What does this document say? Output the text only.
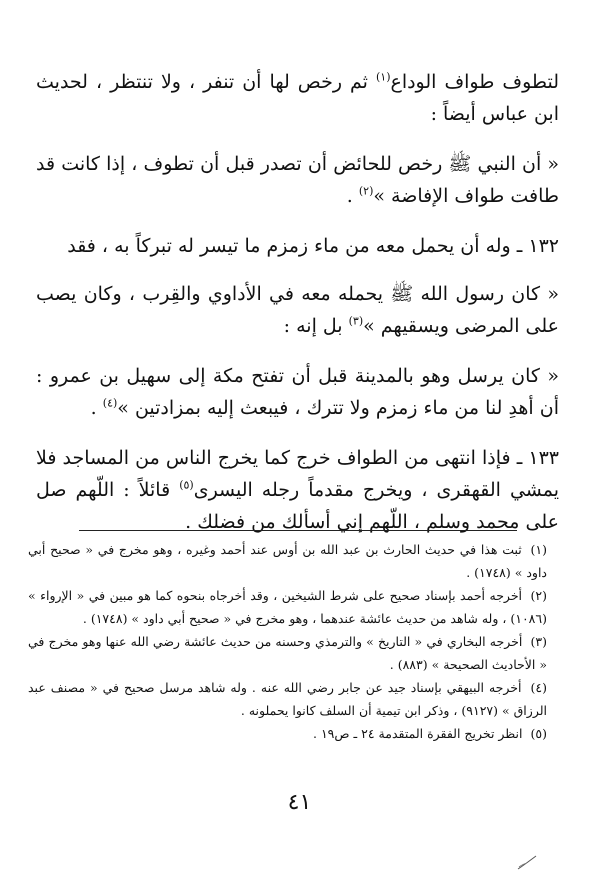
لتطوف طواف الوداع$^{(١)}$ ثم رخص لها أن تنفر ، ولا تنتظر ، لحديث ابن عباس أيضاً :

« أن النبي ﷺ رخص للحائض أن تصدر قبل أن تطوف ، إذا كانت قد طافت طواف الإفاضة »$^{(٢)}$ .

١٣٢ ـ وله أن يحمل معه من ماء زمزم ما تيسر له تبركاً به ، فقد

« كان رسول الله ﷺ يحمله معه في الأداوي والقِرب ، وكان يصب على المرضى ويسقيهم »$^{(٣)}$ بل إنه :

« كان يرسل وهو بالمدينة قبل أن تفتح مكة إلى سهيل بن عمرو : أن أهدِ لنا من ماء زمزم ولا تترك ، فيبعث إليه بمزادتين »$^{(٤)}$ .

١٣٣ ـ فإذا انتهى من الطواف خرج كما يخرج الناس من المساجد فلا يمشي القهقرى ، ويخرج مقدماً رجله اليسرى$^{(٥)}$ قائلاً : اللّهم صل على محمد وسلم ، اللّهم إني أسألك من فضلك .

(١) ثبت هذا في حديث الحارث بن عبد الله بن أوس عند أحمد وغيره ، وهو مخرج في « صحيح أبي داود » (١٧٤٨) .

(٢) أخرجه أحمد بإسناد صحيح على شرط الشيخين ، وقد أخرجاه بنحوه كما هو مبين في « الإرواء » (١٠٨٦) ، وله شاهد من حديث عائشة عندهما ، وهو مخرج في « صحيح أبي داود » (١٧٤٨) .

(٣) أخرجه البخاري في « التاريخ » والترمذي وحسنه من حديث عائشة رضي الله عنها وهو مخرج في « الأحاديث الصحيحة » (٨٨٣) .

(٤) أخرجه البيهقي بإسناد جيد عن جابر رضي الله عنه . وله شاهد مرسل صحيح في « مصنف عبد الرزاق » (٩١٢٧) ، وذكر ابن تيمية أن السلف كانوا يحملونه .

(٥) انظر تخريج الفقرة المتقدمة ٢٤ ـ ص١٩ .

٤١
